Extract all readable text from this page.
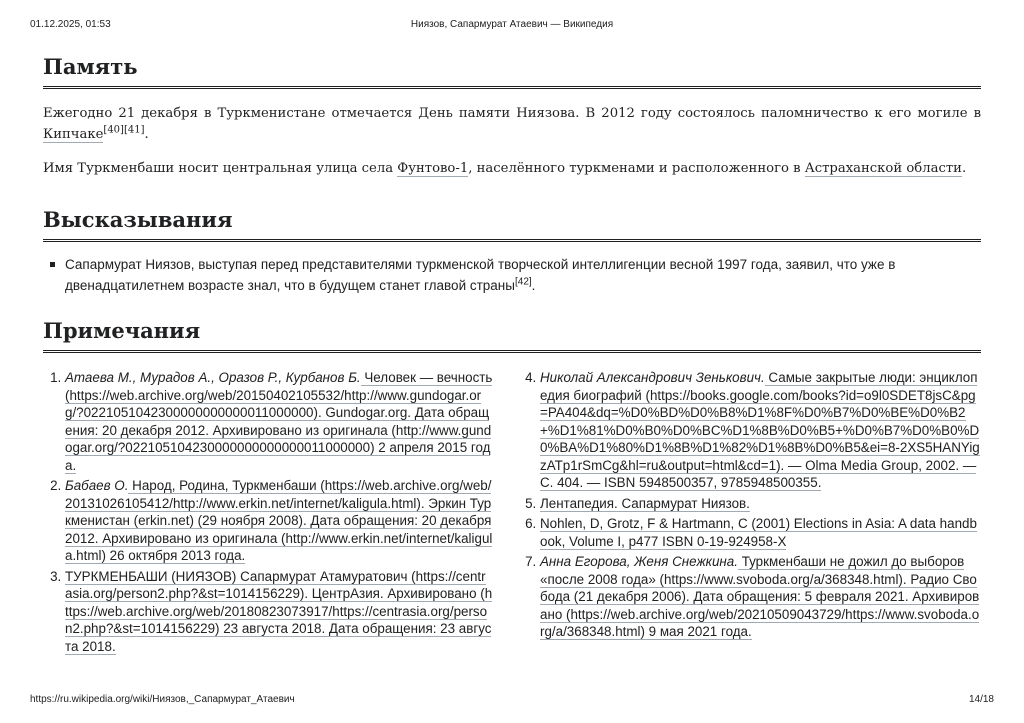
01.12.2025, 01:53	Ниязов, Сапармурат Атаевич — Википедия
Память

Ежегодно 21 декабря в Туркменистане отмечается День памяти Ниязова. В 2012 году состоялось паломничество к его могиле в Кипчаке[40][41].

Имя Туркменбаши носит центральная улица села Фунтово-1, населённого туркменами и расположенного в Астраханской области.

Высказывания
Сапармурат Ниязов, выступая перед представителями туркменской творческой интеллигенции весной 1997 года, заявил, что уже в двенадцатилетнем возрасте знал, что в будущем станет главой страны[42].
Примечания
1. Атаева М., Мурадов А., Оразов Р., Курбанов Б. Человек — вечность (https://web.archive.org/web/20150402105532/http://www.gundogar.org/?0221051042300000000000011000000). Gundogar.org. Дата обращения: 20 декабря 2012. Архивировано из оригинала (http://www.gundogar.org/?022105104230000000000000011000000) 2 апреля 2015 года.
2. Бабаев О. Народ, Родина, Туркменбаши (https://web.archive.org/web/20131026105412/http://www.erkin.net/internet/kaligula.html). Эркин Туркменистан (erkin.net) (29 ноября 2008). Дата обращения: 20 декабря 2012. Архивировано из оригинала (http://www.erkin.net/internet/kaligula.html) 26 октября 2013 года.
3. ТУРКМЕНБАШИ (НИЯЗОВ) Сапармурат Атамуратович (https://centrasia.org/person2.php?&st=1014156229). ЦентрАзия. Архивировано (https://web.archive.org/web/20180823073917/https://centrasia.org/person2.php?&st=1014156229) 23 августа 2018. Дата обращения: 23 августа 2018.
4. Николай Александрович Зенькович. Самые закрытые люди: энциклопедия биографий (https://books.google.com/books?id=o9l0SDET8jsC&pg=PA404&dq=%D0%BD%D0%B8%D1%8F%D0%B7%D0%BE%D0%B2+%D1%81%D0%B0%D0%BC%D1%8B%D0%B5+%D0%B7%D0%B0%D0%BA%D1%80%D1%8B%D1%82%D1%8B%D0%B5&ei=8-2XS5HANYigzATp1rSmCg&hl=ru&output=html&cd=1). — Olma Media Group, 2002. — С. 404. — ISBN 5948500357, 9785948500355.
5. Лентапедия. Сапармурат Ниязов.
6. Nohlen, D, Grotz, F & Hartmann, C (2001) Elections in Asia: A data handbook, Volume I, p477 ISBN 0-19-924958-X
7. Анна Егорова, Женя Снежкина. Туркменбаши не дожил до выборов «после 2008 года» (https://www.svoboda.org/a/368348.html). Радио Свобода (21 декабря 2006). Дата обращения: 5 февраля 2021. Архивировано (https://web.archive.org/web/20210509043729/https://www.svoboda.org/a/368348.html) 9 мая 2021 года.
https://ru.wikipedia.org/wiki/Ниязов,_Сапармурат_Атаевич	14/18
